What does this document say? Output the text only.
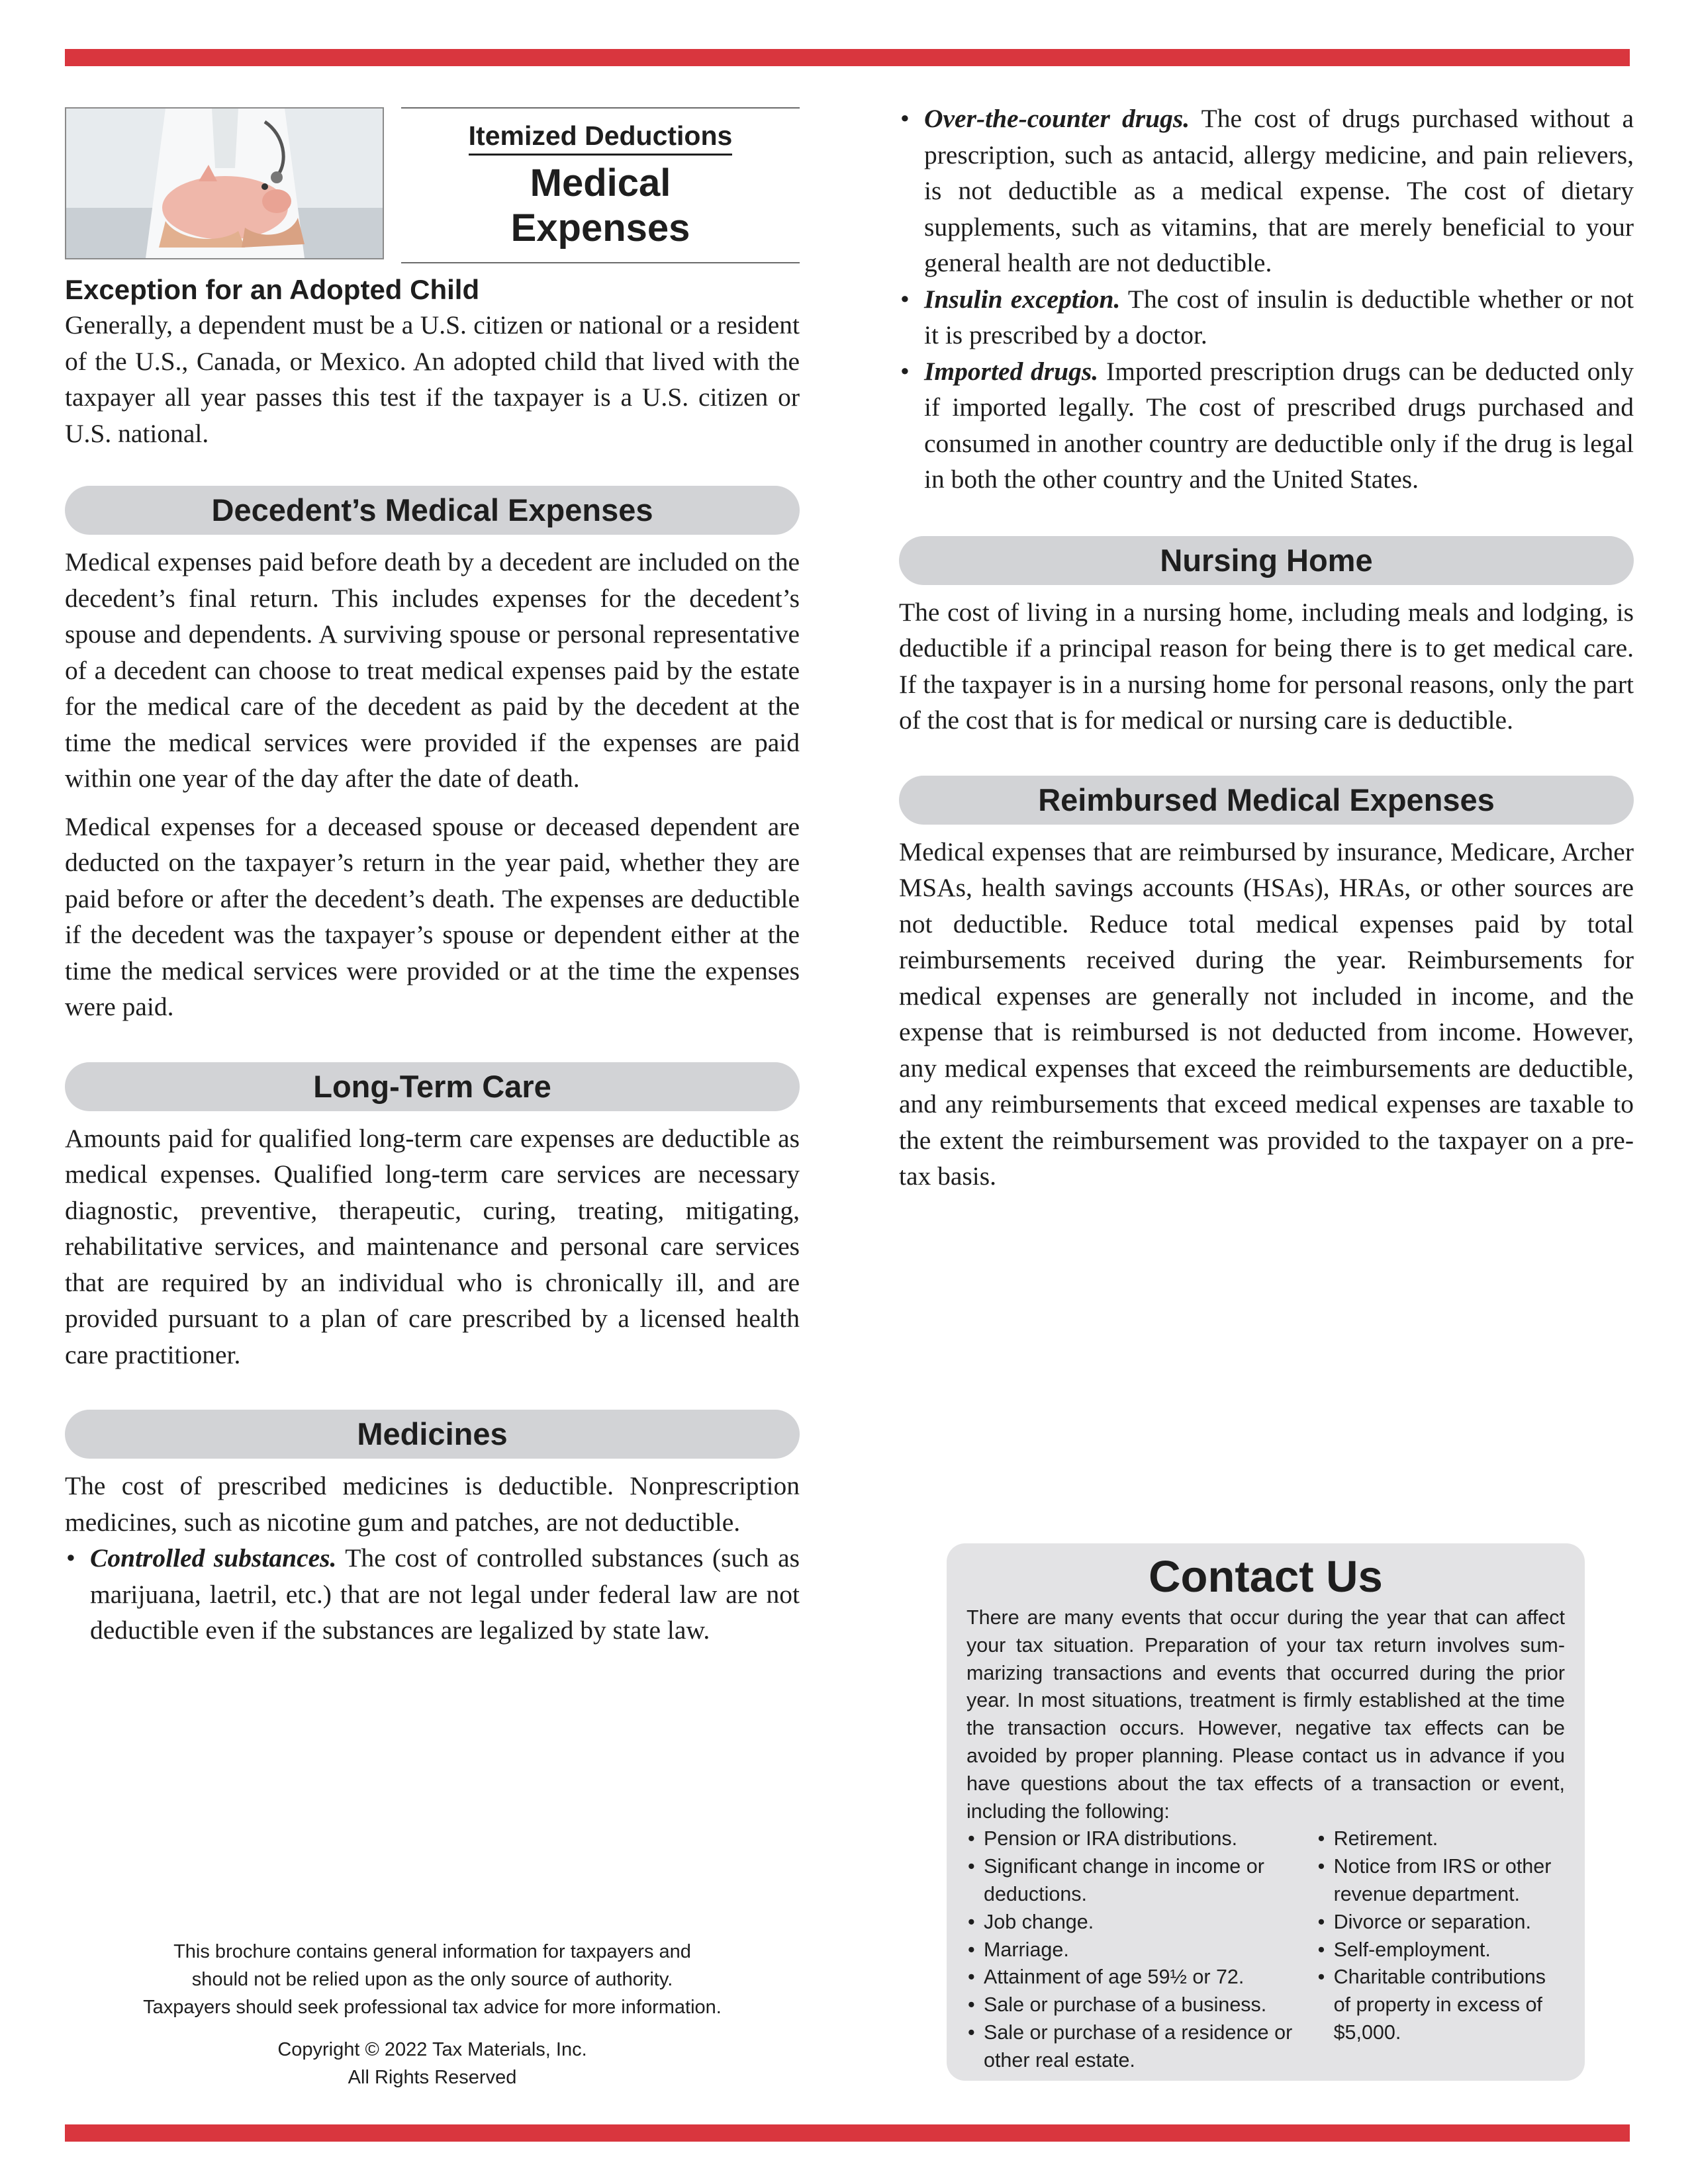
Itemized Deductions
Medical
Expenses
Exception for an Adopted Child

Generally, a dependent must be a U.S. citizen or national or a resident of the U.S., Canada, or Mexico. An adopted child that lived with the taxpayer all year passes this test if the taxpayer is a U.S. citizen or U.S. national.

Decedent’s Medical Expenses

Medical expenses paid before death by a decedent are included on the decedent’s final return. This includes expenses for the decedent’s spouse and dependents. A surviving spouse or personal representative of a decedent can choose to treat medical expenses paid by the estate for the medical care of the decedent as paid by the decedent at the time the medical services were provided if the expenses are paid within one year of the day after the date of death.

Medical expenses for a deceased spouse or deceased dependent are deducted on the taxpayer’s return in the year paid, whether they are paid before or after the decedent’s death. The expenses are deductible if the decedent was the taxpayer’s spouse or dependent either at the time the medical services were provided or at the time the expenses were paid.

Long-Term Care

Amounts paid for qualified long-term care expenses are deductible as medical expenses. Qualified long-term care services are necessary diagnostic, preventive, therapeutic, curing, treating, mitigating, rehabilitative services, and maintenance and personal care services that are required by an individual who is chronically ill, and are provided pursuant to a plan of care prescribed by a licensed health care practitioner.

Medicines

The cost of prescribed medicines is deductible. Nonprescription medicines, such as nicotine gum and patches, are not deductible.

• Controlled substances. The cost of controlled substances (such as marijuana, laetril, etc.) that are not legal under federal law are not deductible even if the substances are legalized by state law.
• Over-the-counter drugs. The cost of drugs purchased without a prescription, such as antacid, allergy medicine, and pain relievers, is not deductible as a medical expense. The cost of dietary supplements, such as vitamins, that are merely beneficial to your general health are not deductible.
• Insulin exception. The cost of insulin is deductible whether or not it is prescribed by a doctor.
• Imported drugs. Imported prescription drugs can be deducted only if imported legally. The cost of prescribed drugs purchased and consumed in another country are deductible only if the drug is legal in both the other country and the United States.
Nursing Home

The cost of living in a nursing home, including meals and lodging, is deductible if a principal reason for being there is to get medical care. If the taxpayer is in a nursing home for personal reasons, only the part of the cost that is for medical or nursing care is deductible.

Reimbursed Medical Expenses

Medical expenses that are reimbursed by insurance, Medicare, Archer MSAs, health savings accounts (HSAs), HRAs, or other sources are not deductible. Reduce total medical expenses paid by total reimbursements received during the year. Reimbursements for medical expenses are generally not included in income, and the expense that is reimbursed is not deducted from income. However, any medical expenses that exceed the reimbursements are deductible, and any reimbursements that exceed medical expenses are taxable to the extent the reimbursement was provided to the taxpayer on a pre-tax basis.

This brochure contains general information for taxpayers and
should not be relied upon as the only source of authority.
Taxpayers should seek professional tax advice for more information.
Copyright © 2022 Tax Materials, Inc.
All Rights Reserved
Contact Us

There are many events that occur during the year that can affect your tax situation. Preparation of your tax return involves summarizing transactions and events that occurred during the prior year. In most situations, treatment is firmly established at the time the transaction occurs. However, negative tax effects can be avoided by proper planning. Please contact us in advance if you have questions about the tax effects of a transaction or event, including the following:

• Pension or IRA distributions.
• Significant change in income or deductions.
• Job change.
• Marriage.
• Attainment of age 59½ or 72.
• Sale or purchase of a business.
• Sale or purchase of a residence or other real estate.
• Retirement.
• Notice from IRS or other revenue department.
• Divorce or separation.
• Self-employment.
• Charitable contributions of property in excess of $5,000.
